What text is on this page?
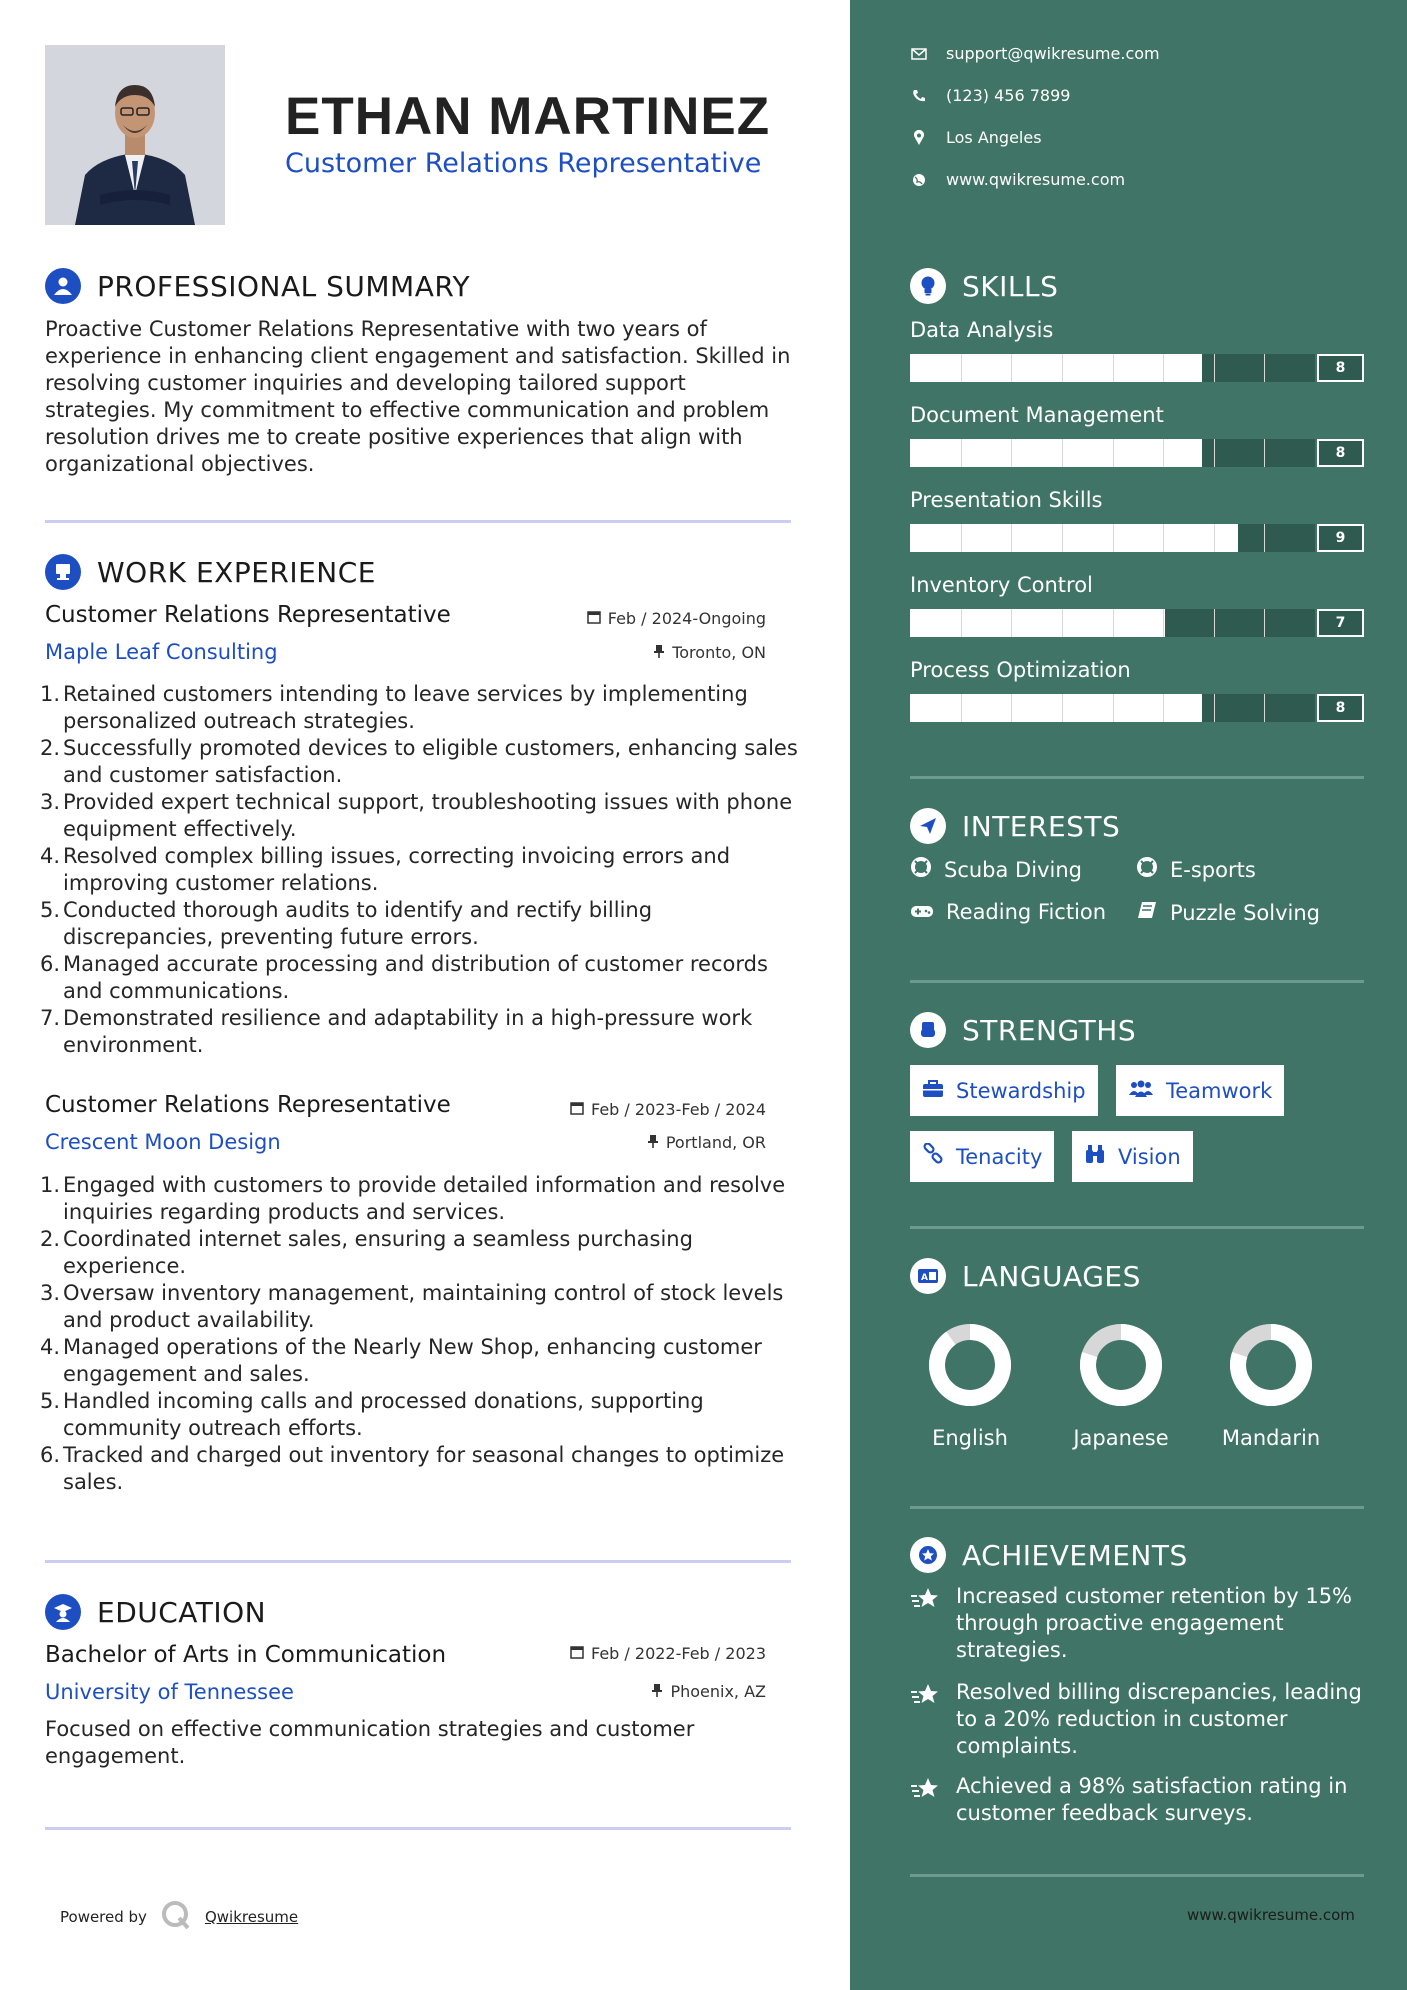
ETHAN MARTINEZ
Customer Relations Representative
PROFESSIONAL SUMMARY
Proactive Customer Relations Representative with two years of experience in enhancing client engagement and satisfaction. Skilled in resolving customer inquiries and developing tailored support strategies. My commitment to effective communication and problem resolution drives me to create positive experiences that align with organizational objectives.
WORK EXPERIENCE
Customer Relations Representative	Feb / 2024-Ongoing
Maple Leaf Consulting	Toronto, ON
1. Retained customers intending to leave services by implementing personalized outreach strategies.
2. Successfully promoted devices to eligible customers, enhancing sales and customer satisfaction.
3. Provided expert technical support, troubleshooting issues with phone equipment effectively.
4. Resolved complex billing issues, correcting invoicing errors and improving customer relations.
5. Conducted thorough audits to identify and rectify billing discrepancies, preventing future errors.
6. Managed accurate processing and distribution of customer records and communications.
7. Demonstrated resilience and adaptability in a high-pressure work environment.
Customer Relations Representative	Feb / 2023-Feb / 2024
Crescent Moon Design	Portland, OR
1. Engaged with customers to provide detailed information and resolve inquiries regarding products and services.
2. Coordinated internet sales, ensuring a seamless purchasing experience.
3. Oversaw inventory management, maintaining control of stock levels and product availability.
4. Managed operations of the Nearly New Shop, enhancing customer engagement and sales.
5. Handled incoming calls and processed donations, supporting community outreach efforts.
6. Tracked and charged out inventory for seasonal changes to optimize sales.
EDUCATION
Bachelor of Arts in Communication	Feb / 2022-Feb / 2023
University of Tennessee	Phoenix, AZ
Focused on effective communication strategies and customer engagement.
Powered by	Qwikresume
support@qwikresume.com
(123) 456 7899
Los Angeles
www.qwikresume.com
SKILLS
Data Analysis
8
Document Management
8
Presentation Skills
9
Inventory Control
7
Process Optimization
8
INTERESTS
Scuba Diving	E-sports
Reading Fiction	Puzzle Solving
STRENGTHS
Stewardship	Teamwork
Tenacity	Vision
A LANGUAGES
English	Japanese	Mandarin
ACHIEVEMENTS
Increased customer retention by 15% through proactive engagement strategies.
Resolved billing discrepancies, leading to a 20% reduction in customer complaints.
Achieved a 98% satisfaction rating in customer feedback surveys.
www.qwikresume.com
